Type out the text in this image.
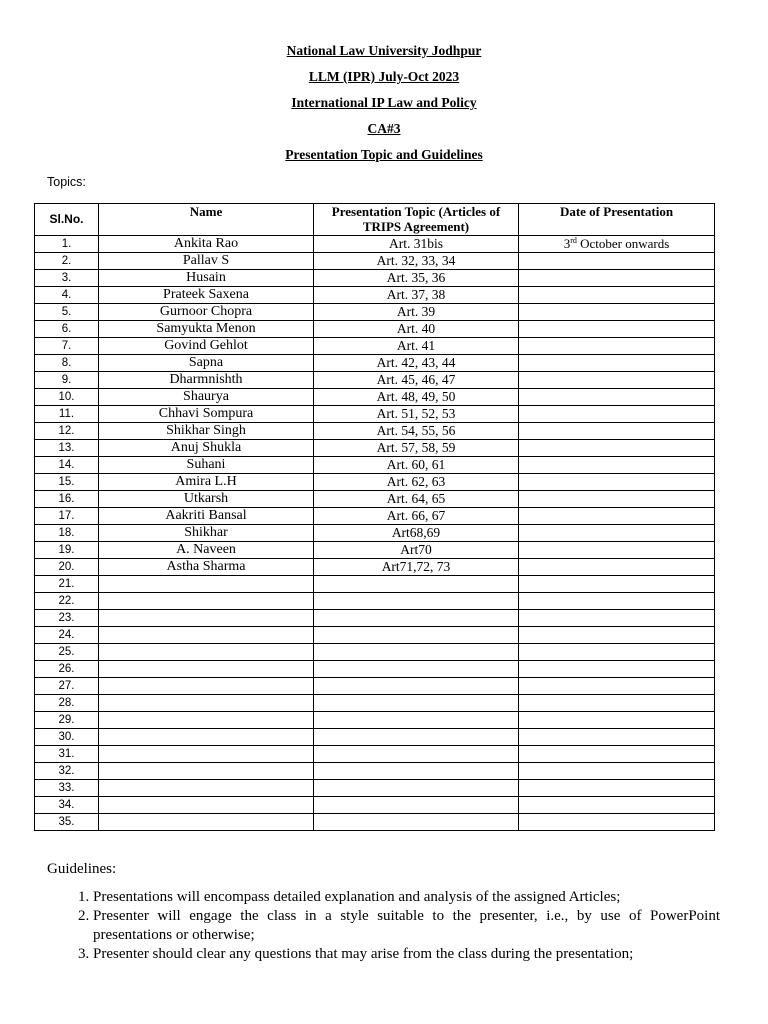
National Law University Jodhpur
LLM (IPR) July-Oct 2023
International IP Law and Policy
CA#3
Presentation Topic and Guidelines
Topics:
Sl.No.	Name	Presentation Topic (Articles of TRIPS Agreement)	Date of Presentation
1.	Ankita Rao	Art. 31bis	3rd October onwards
2.	Pallav S	Art. 32, 33, 34	
3.	Husain	Art. 35, 36	
4.	Prateek Saxena	Art. 37, 38	
5.	Gurnoor Chopra	Art. 39	
6.	Samyukta Menon	Art. 40	
7.	Govind Gehlot	Art. 41	
8.	Sapna	Art. 42, 43, 44	
9.	Dharmnishth	Art. 45, 46, 47	
10.	Shaurya	Art. 48, 49, 50	
11.	Chhavi Sompura	Art. 51, 52, 53	
12.	Shikhar Singh	Art. 54, 55, 56	
13.	Anuj Shukla	Art. 57, 58, 59	
14.	Suhani	Art. 60, 61	
15.	Amira L.H	Art. 62, 63	
16.	Utkarsh	Art. 64, 65	
17.	Aakriti Bansal	Art. 66, 67	
18.	Shikhar	Art68,69	
19.	A. Naveen	Art70	
20.	Astha Sharma	Art71,72, 73	
21.			
22.			
23.			
24.			
25.			
26.			
27.			
28.			
29.			
30.			
31.			
32.			
33.			
34.			
35.			
Guidelines:
1. Presentations will encompass detailed explanation and analysis of the assigned Articles;
2. Presenter will engage the class in a style suitable to the presenter, i.e., by use of PowerPoint presentations or otherwise;
3. Presenter should clear any questions that may arise from the class during the presentation;
